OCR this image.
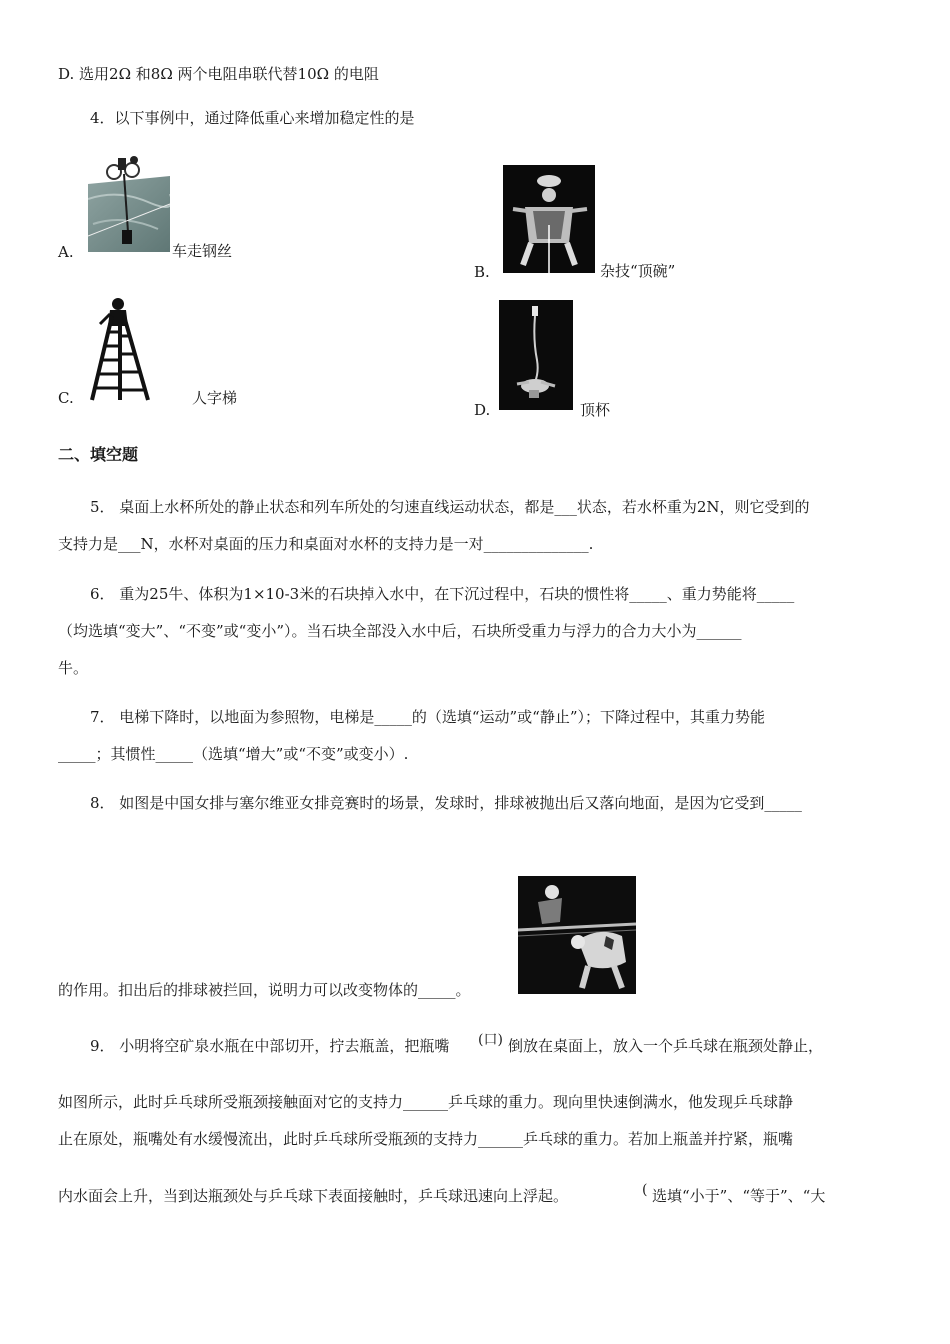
D. 选用2Ω 和8Ω 两个电阻串联代替10Ω 的电阻
4．以下事例中，通过降低重心来增加稳定性的是
A.	车走钢丝
B.	杂技“顶碗”
C.	人字梯
D.	顶杯
二、填空题
5． 桌面上水杯所处的静止状态和列车所处的匀速直线运动状态，都是___状态，若水杯重为2N，则它受到的
支持力是___N，水杯对桌面的压力和桌面对水杯的支持力是一对______________.
6． 重为25牛、体积为1×10-3米的石块掉入水中，在下沉过程中，石块的惯性将_____、重力势能将_____
（均选填“变大”、“不变”或“变小”）。当石块全部没入水中后，石块所受重力与浮力的合力大小为______
牛。
7． 电梯下降时，以地面为参照物，电梯是_____的（选填“运动”或“静止”）；下降过程中，其重力势能
_____；其惯性_____（选填“增大”或“不变”或变小）.
8． 如图是中国女排与塞尔维亚女排竞赛时的场景，发球时，排球被抛出后又落向地面，是因为它受到_____
的作用。扣出后的排球被拦回，说明力可以改变物体的_____。
9． 小明将空矿泉水瓶在中部切开，拧去瓶盖，把瓶嘴 (口) 倒放在桌面上，放入一个乒乓球在瓶颈处静止，
如图所示，此时乒乓球所受瓶颈接触面对它的支持力______乒乓球的重力。现向里快速倒满水，他发现乒乓球静
止在原处，瓶嘴处有水缓慢流出，此时乒乓球所受瓶颈的支持力______乒乓球的重力。若加上瓶盖并拧紧，瓶嘴
内水面会上升，当到达瓶颈处与乒乓球下表面接触时，乒乓球迅速向上浮起。	( 选填“小于”、“等于”、“大
